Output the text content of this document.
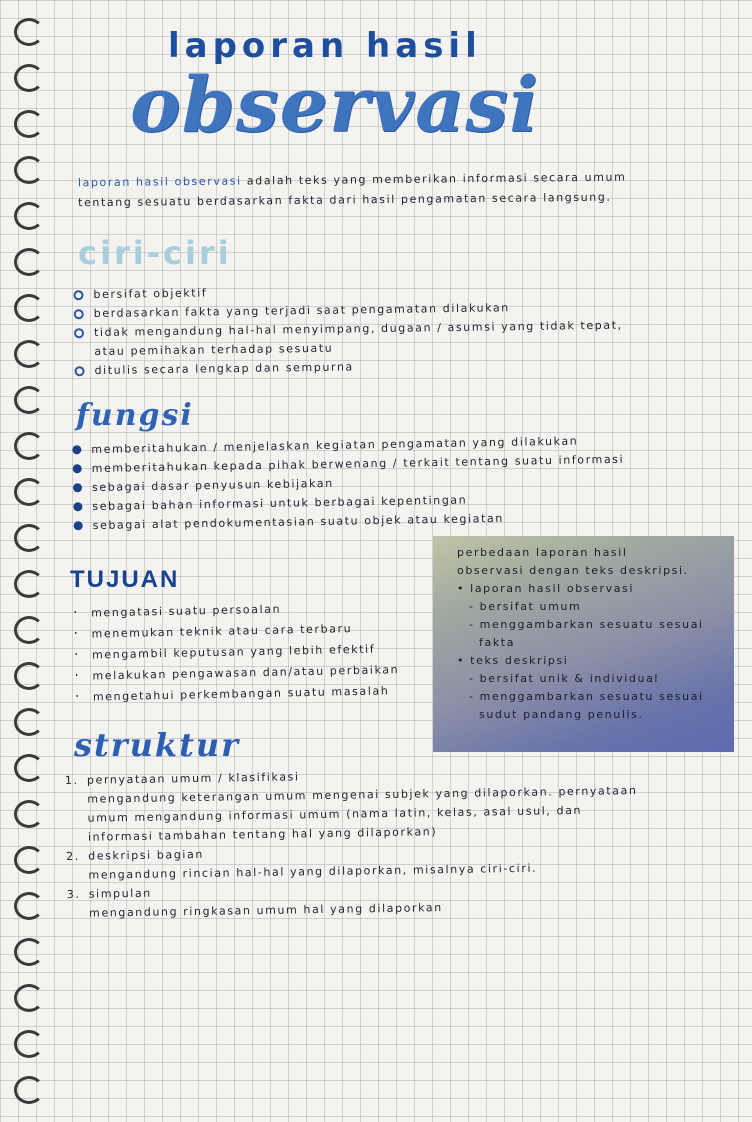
laporan hasil
observasi
laporan hasil observasi adalah teks yang memberikan informasi secara umum
tentang sesuatu berdasarkan fakta dari hasil pengamatan secara langsung.
ciri-ciri
bersifat objektif
berdasarkan fakta yang terjadi saat pengamatan dilakukan
tidak mengandung hal-hal menyimpang, dugaan / asumsi yang tidak tepat,
atau pemihakan terhadap sesuatu
ditulis secara lengkap dan sempurna
fungsi
memberitahukan / menjelaskan kegiatan pengamatan yang dilakukan
memberitahukan kepada pihak berwenang / terkait tentang suatu informasi
sebagai dasar penyusun kebijakan
sebagai bahan informasi untuk berbagai kepentingan
sebagai alat pendokumentasian suatu objek atau kegiatan
TUJUAN
· mengatasi suatu persoalan
· menemukan teknik atau cara terbaru
· mengambil keputusan yang lebih efektif
· melakukan pengawasan dan/atau perbaikan
· mengetahui perkembangan suatu masalah
perbedaan laporan hasil
observasi dengan teks deskripsi.
• laporan hasil observasi
- bersifat umum
- menggambarkan sesuatu sesuai
fakta
• teks deskripsi
- bersifat unik & individual
- menggambarkan sesuatu sesuai
sudut pandang penulis.
struktur
1. pernyataan umum / klasifikasi
mengandung keterangan umum mengenai subjek yang dilaporkan. pernyataan
umum mengandung informasi umum (nama latin, kelas, asal usul, dan
informasi tambahan tentang hal yang dilaporkan)
2. deskripsi bagian
mengandung rincian hal-hal yang dilaporkan, misalnya ciri-ciri.
3. simpulan
mengandung ringkasan umum hal yang dilaporkan
